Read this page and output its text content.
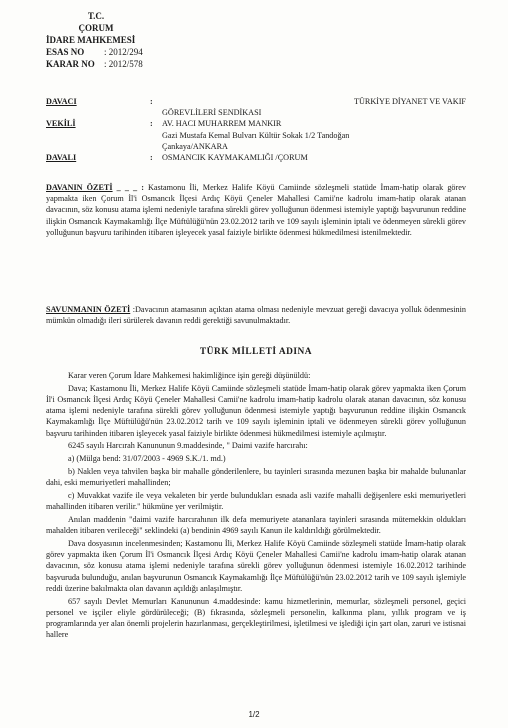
T.C.
ÇORUM
İDARE MAHKEMESİ
ESAS NO	: 2012/294
KARAR NO	: 2012/578
DAVACI	:	TÜRKİYE DİYANET VE VAKIF
GÖREVLİLERİ SENDİKASI
VEKİLİ	:	AV. HACI MUHARREM MANKIR
Gazi Mustafa Kemal Bulvarı Kültür Sokak 1/2 Tandoğan
Çankaya/ANKARA
DAVALI	:	OSMANCIK KAYMAKAMLIĞI /ÇORUM
DAVANIN ÖZETİ _ _ _ : Kastamonu İli, Merkez Halife Köyü Camiinde sözleşmeli statüde İmam-hatip olarak görev yapmakta iken Çorum İl'i Osmancık İlçesi Ardıç Köyü Çeneler Mahallesi Camii'ne kadrolu imam-hatip olarak atanan davacının, söz konusu atama işlemi nedeniyle tarafına sürekli görev yolluğunun ödenmesi istemiyle yaptığı başvurunun reddine ilişkin Osmancık Kaymakamlığı İlçe Müftülüğü'nün 23.02.2012 tarih ve 109 sayılı işleminin iptali ve ödenmeyen sürekli görev yolluğunun başvuru tarihinden itibaren işleyecek yasal faiziyle birlikte ödenmesi hükmedilmesi istenilmektedir.
SAVUNMANIN ÖZETİ :Davacının atamasının açıktan atama olması nedeniyle mevzuat gereği davacıya yolluk ödenmesinin mümkün olmadığı ileri sürülerek davanın reddi gerektiği savunulmaktadır.
TÜRK MİLLETİ ADINA

Karar veren Çorum İdare Mahkemesi hakimliğince işin gereği düşünüldü:

Dava; Kastamonu İli, Merkez Halife Köyü Camiinde sözleşmeli statüde İmam-hatip olarak görev yapmakta iken Çorum İl'i Osmancık İlçesi Ardıç Köyü Çeneler Mahallesi Camii'ne kadrolu imam-hatip kadrolu olarak atanan davacının, söz konusu atama işlemi nedeniyle tarafına sürekli görev yolluğunun ödenmesi istemiyle yaptığı başvurunun reddine ilişkin Osmancık Kaymakamlığı İlçe Müftülüğü'nün 23.02.2012 tarih ve 109 sayılı işleminin iptali ve ödenmeyen sürekli görev yolluğunun başvuru tarihinden itibaren işleyecek yasal faiziyle birlikte ödenmesi hükmedilmesi istemiyle açılmıştır.

6245 sayılı Harcırah Kanununun 9.maddesinde, " Daimi vazife harcırahı:

a) (Mülga bend: 31/07/2003 - 4969 S.K./1. md.)

b) Naklen veya tahvilen başka bir mahalle gönderilenlere, bu tayinleri sırasında mezunen başka bir mahalde bulunanlar dahi, eski memuriyetleri mahallinden;

c) Muvakkat vazife ile veya vekaleten bir yerde bulundukları esnada asli vazife mahalli değişenlere eski memuriyetleri mahallinden itibaren verilir." hükmüne yer verilmiştir.

Anılan maddenin "daimi vazife harcırahının ilk defa memuriyete atananlara tayinleri sırasında mütemekkin oldukları mahalden itibaren verileceği" seklindeki (a) bendinin 4969 sayılı Kanun ile kaldırıldığı görülmektedir.

Dava dosyasının incelenmesinden; Kastamonu İli, Merkez Halife Köyü Camiinde sözleşmeli statüde İmam-hatip olarak görev yapmakta iken Çorum İl'i Osmancık İlçesi Ardıç Köyü Çeneler Mahallesi Camii'ne kadrolu imam-hatip olarak atanan davacının, söz konusu atama işlemi nedeniyle tarafına sürekli görev yolluğunun ödenmesi istemiyle 16.02.2012 tarihinde başvuruda bulunduğu, anılan başvurunun Osmancık Kaymakamlığı İlçe Müftülüğü'nün 23.02.2012 tarih ve 109 sayılı işlemiyle reddi üzerine bakılmakta olan davanın açıldığı anlaşılmıştır.

657 sayılı Devlet Memurları Kanununun 4.maddesinde: kamu hizmetlerinin, memurlar, sözleşmeli personel, geçici personel ve işçiler eliyle gördürüleceği; (B) fıkrasında, sözleşmeli personelin, kalkınma planı, yıllık program ve iş programlarında yer alan önemli projelerin hazırlanması, gerçekleştirilmesi, işletilmesi ve işlediği için şart olan, zaruri ve istisnai hallere

1/2
